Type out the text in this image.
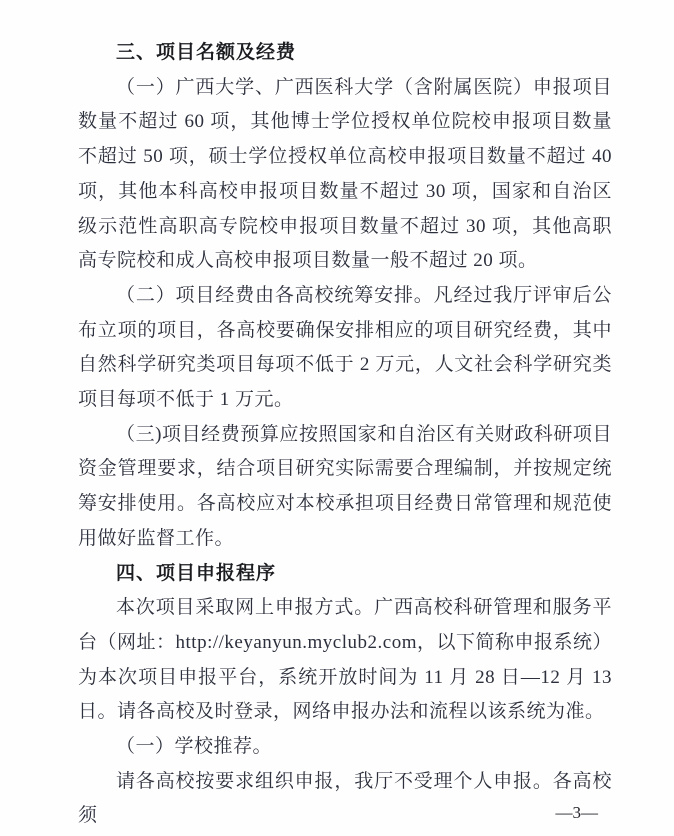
三、项目名额及经费

（一）广西大学、广西医科大学（含附属医院）申报项目数量不超过 60 项，其他博士学位授权单位院校申报项目数量不超过 50 项，硕士学位授权单位高校申报项目数量不超过 40 项，其他本科高校申报项目数量不超过 30 项，国家和自治区级示范性高职高专院校申报项目数量不超过 30 项，其他高职高专院校和成人高校申报项目数量一般不超过 20 项。

（二）项目经费由各高校统筹安排。凡经过我厅评审后公布立项的项目，各高校要确保安排相应的项目研究经费，其中自然科学研究类项目每项不低于 2 万元，人文社会科学研究类项目每项不低于 1 万元。

（三)项目经费预算应按照国家和自治区有关财政科研项目资金管理要求，结合项目研究实际需要合理编制，并按规定统筹安排使用。各高校应对本校承担项目经费日常管理和规范使用做好监督工作。

四、项目申报程序

本次项目采取网上申报方式。广西高校科研管理和服务平台（网址：http://keyanyun.myclub2.com，以下简称申报系统）为本次项目申报平台，系统开放时间为 11 月 28 日—12 月 13 日。请各高校及时登录，网络申报办法和流程以该系统为准。

（一）学校推荐。

请各高校按要求组织申报，我厅不受理个人申报。各高校须	—3—
